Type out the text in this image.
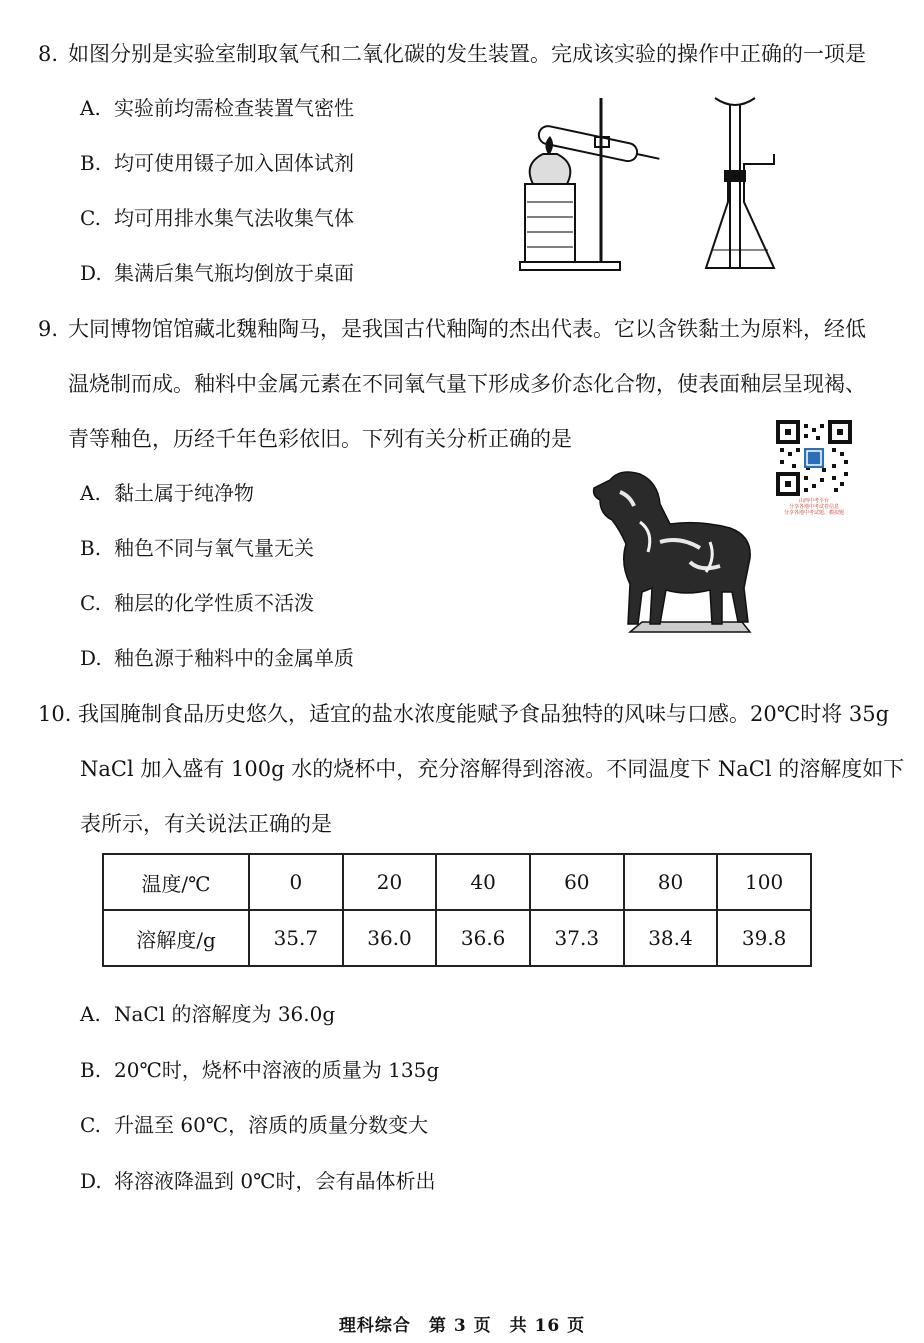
8. 如图分别是实验室制取氧气和二氧化碳的发生装置。完成该实验的操作中正确的一项是
A. 实验前均需检查装置气密性
B. 均可使用镊子加入固体试剂
C. 均可用排水集气法收集气体
D. 集满后集气瓶均倒放于桌面
9. 大同博物馆馆藏北魏釉陶马，是我国古代釉陶的杰出代表。它以含铁黏土为原料，经低
温烧制而成。釉料中金属元素在不同氧气量下形成多价态化合物，使表面釉层呈现褐、
青等釉色，历经千年色彩依旧。下列有关分析正确的是
A. 黏土属于纯净物
B. 釉色不同与氧气量无关
C. 釉层的化学性质不活泼
D. 釉色源于釉料中的金属单质
山西中考平台
分享各地中考试卷信息
分享各地中考试题、模拟题
10. 我国腌制食品历史悠久，适宜的盐水浓度能赋予食品独特的风味与口感。20℃时将 35g
NaCl 加入盛有 100g 水的烧杯中，充分溶解得到溶液。不同温度下 NaCl 的溶解度如下
表所示，有关说法正确的是
温度/℃	0	20	40	60	80	100
溶解度/g	35.7	36.0	36.6	37.3	38.4	39.8
A. NaCl 的溶解度为 36.0g
B. 20℃时，烧杯中溶液的质量为 135g
C. 升温至 60℃，溶质的质量分数变大
D. 将溶液降温到 0℃时，会有晶体析出
理科综合　第 3 页　共 16 页
